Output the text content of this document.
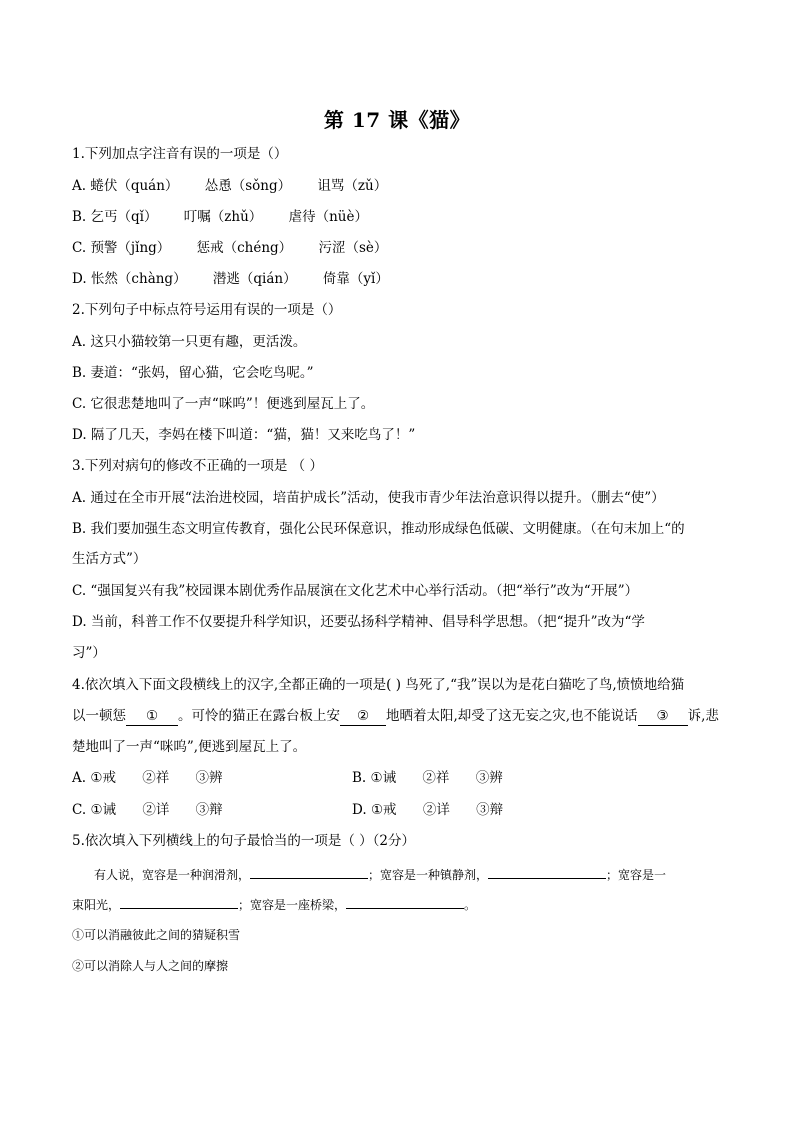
第 17 课《猫》
1.下列加点字注音有误的一项是（）
A. 蜷伏（quán） 怂恿（sǒng） 诅骂（zǔ）
B. 乞丐（qǐ） 叮嘱（zhǔ） 虐待（nüè）
C. 预警（jǐng） 惩戒（chéng） 污涩（sè）
D. 怅然（chàng） 潜逃（qián） 倚靠（yǐ）
2.下列句子中标点符号运用有误的一项是（）
A. 这只小猫较第一只更有趣，更活泼。
B. 妻道：“张妈，留心猫，它会吃鸟呢。”
C. 它很悲楚地叫了一声“咪呜”！便逃到屋瓦上了。
D. 隔了几天，李妈在楼下叫道：“猫，猫！又来吃鸟了！”
3.下列对病句的修改不正确的一项是 （ ）
A. 通过在全市开展“法治进校园，培苗护成长”活动，使我市青少年法治意识得以提升。（删去“使”）
B. 我们要加强生态文明宣传教育，强化公民环保意识，推动形成绿色低碳、文明健康。（在句末加上“的
生活方式”）
C. “强国复兴有我”校园课本剧优秀作品展演在文化艺术中心举行活动。（把“举行”改为“开展”）
D. 当前，科普工作不仅要提升科学知识，还要弘扬科学精神、倡导科学思想。（把“提升”改为“学
习”）
4.依次填入下面文段横线上的汉字,全都正确的一项是( ) 鸟死了,“我”误以为是花白猫吃了鸟,愤愤地给猫
以一顿惩 ① 。可怜的猫正在露台板上安 ② 地晒着太阳,却受了这无妄之灾,也不能说话 ③ 诉,悲
楚地叫了一声“咪呜”,便逃到屋瓦上了。
A. ①戒 ②祥 ③辨	B. ①诫 ②祥 ③辨
C. ①诫 ②详 ③辩	D. ①戒 ②详 ③辩
5.依次填入下列横线上的句子最恰当的一项是（ ）（2分）
有人说，宽容是一种润滑剂，	；宽容是一种镇静剂，	；宽容是一
束阳光，	；宽容是一座桥梁，	。
①可以消融彼此之间的猜疑积雪
②可以消除人与人之间的摩擦
